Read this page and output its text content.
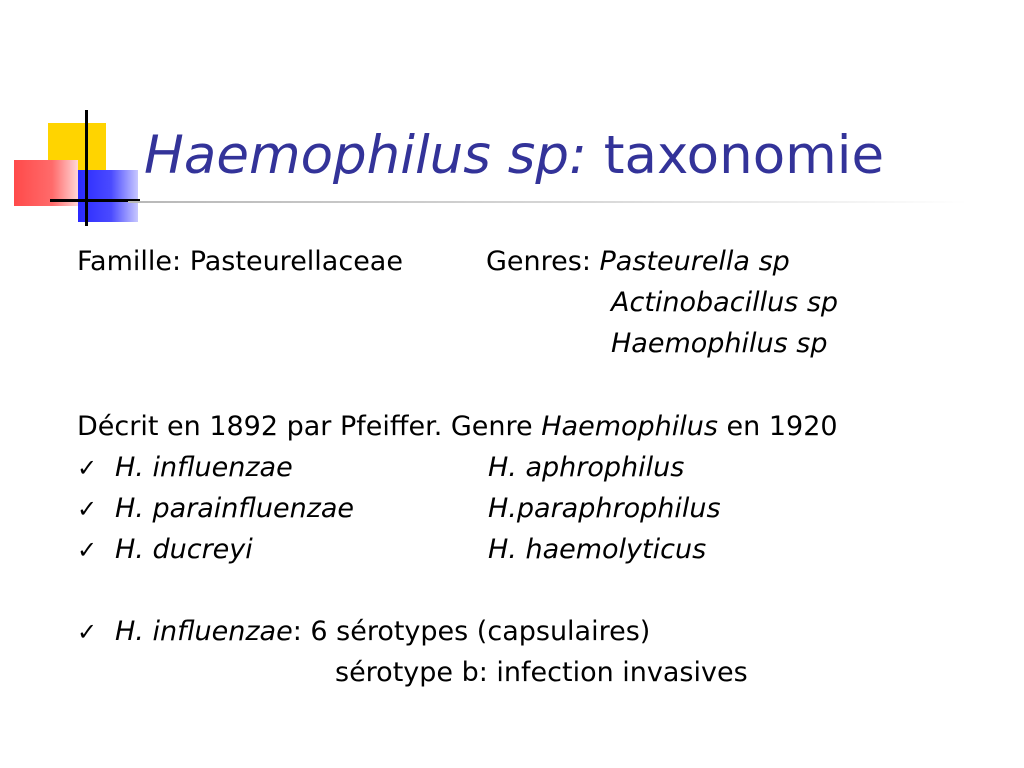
Haemophilus sp: taxonomie
Famille: Pasteurellaceae	Genres: Pasteurella sp
Actinobacillus sp
Haemophilus sp
Décrit en 1892 par Pfeiffer. Genre Haemophilus en 1920
✓ H. influenzae	H. aphrophilus
✓ H. parainfluenzae	H.paraphrophilus
✓ H. ducreyi	H. haemolyticus
✓ H. influenzae: 6 sérotypes (capsulaires)
sérotype b: infection invasives
